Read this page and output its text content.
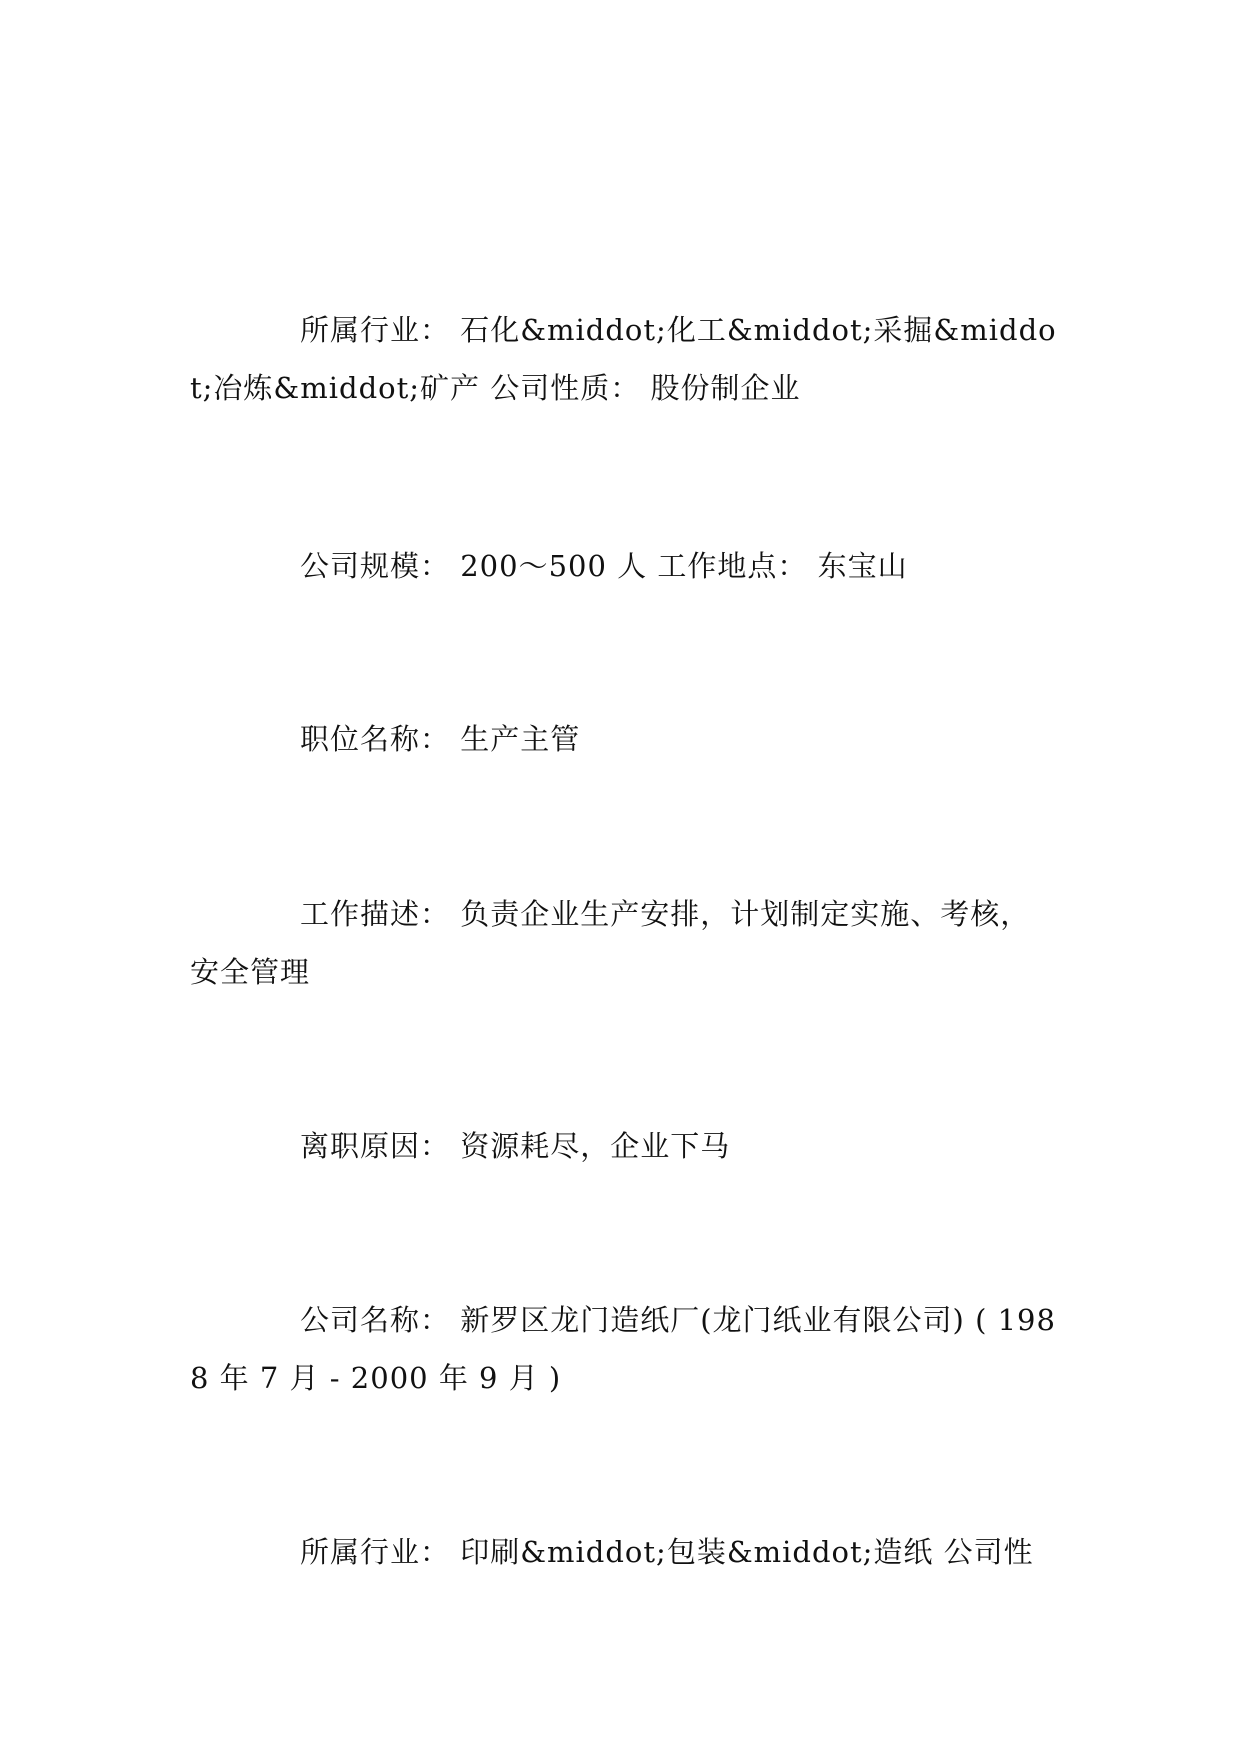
所属行业： 石化&middot;化工&middot;采掘&middot;冶炼&middot;矿产 公司性质： 股份制企业

公司规模： 200～500 人 工作地点： 东宝山

职位名称： 生产主管

工作描述： 负责企业生产安排，计划制定实施、考核，安全管理

离职原因： 资源耗尽，企业下马

公司名称： 新罗区龙门造纸厂(龙门纸业有限公司) ( 1988 年 7 月 - 2000 年 9 月 )

所属行业： 印刷&middot;包装&middot;造纸 公司性
